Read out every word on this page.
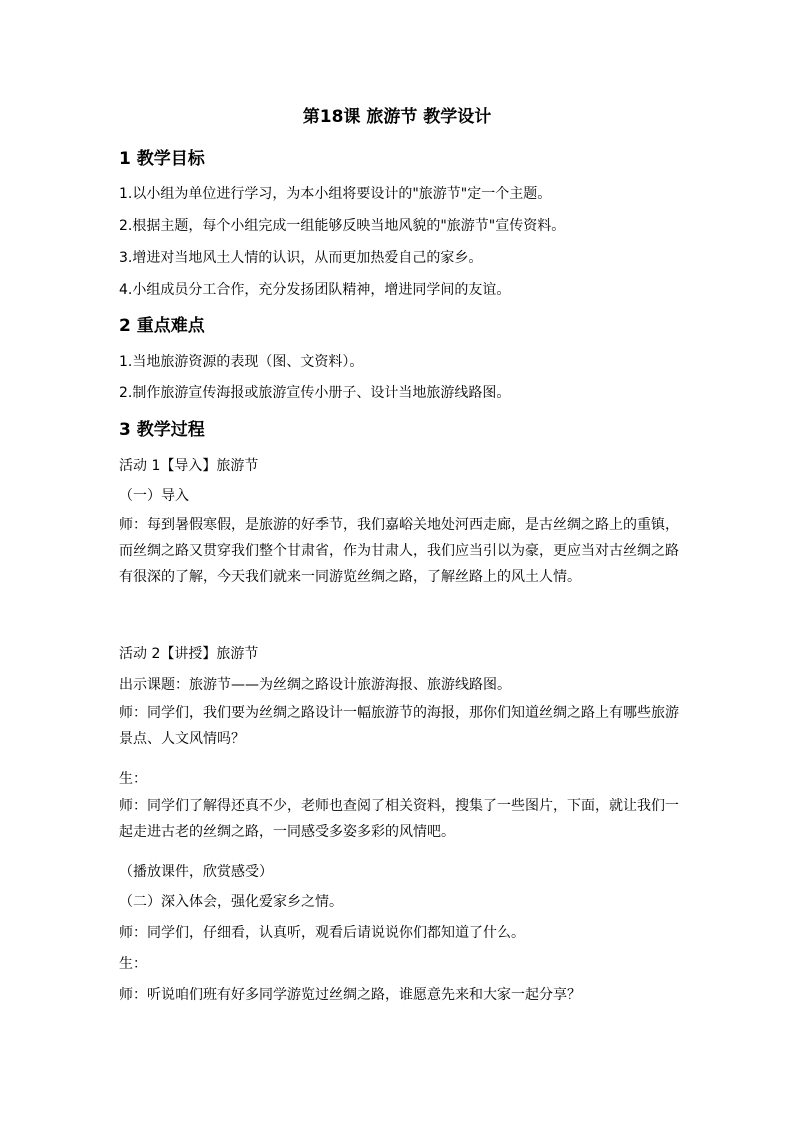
第18课 旅游节 教学设计
1 教学目标
1.以小组为单位进行学习，为本小组将要设计的"旅游节"定一个主题。
2.根据主题，每个小组完成一组能够反映当地风貌的"旅游节"宣传资料。
3.增进对当地风土人情的认识，从而更加热爱自己的家乡。
4.小组成员分工合作，充分发扬团队精神，增进同学间的友谊。
2 重点难点
1.当地旅游资源的表现（图、文资料）。
2.制作旅游宣传海报或旅游宣传小册子、设计当地旅游线路图。
3 教学过程
活动 1【导入】旅游节
（一）导入
师：每到暑假寒假，是旅游的好季节，我们嘉峪关地处河西走廊，是古丝绸之路上的重镇，而丝绸之路又贯穿我们整个甘肃省，作为甘肃人，我们应当引以为豪，更应当对古丝绸之路有很深的了解，今天我们就来一同游览丝绸之路，了解丝路上的风土人情。
活动 2【讲授】旅游节
出示课题：旅游节——为丝绸之路设计旅游海报、旅游线路图。
师：同学们，我们要为丝绸之路设计一幅旅游节的海报，那你们知道丝绸之路上有哪些旅游景点、人文风情吗？
生：
师：同学们了解得还真不少，老师也查阅了相关资料，搜集了一些图片，下面，就让我们一起走进古老的丝绸之路，一同感受多姿多彩的风情吧。
（播放课件，欣赏感受）
（二）深入体会，强化爱家乡之情。
师：同学们，仔细看，认真听，观看后请说说你们都知道了什么。
生：
师：听说咱们班有好多同学游览过丝绸之路，谁愿意先来和大家一起分享？
